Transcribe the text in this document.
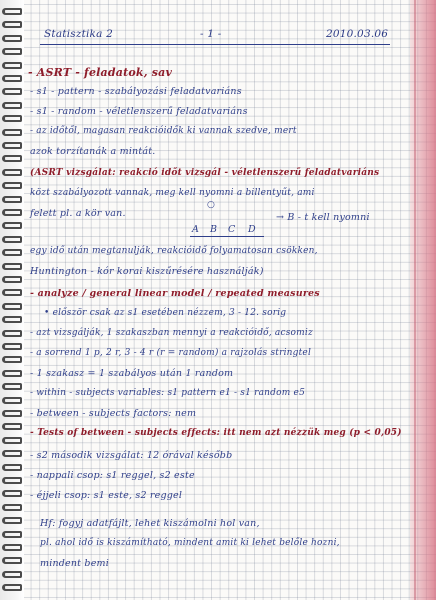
Statisztika 2	- 1 -	2010.03.06
- ASRT - feladatok, sav
- s1 - pattern - szabályozási feladatvariáns
- s1 - random - véletlenszerű feladatvariáns
- az időtől, magasan reakcióidők ki vannak szedve, mert
azok torzítanák a mintát.
(ASRT vizsgálat: reakció időt vizsgál - véletlenszerű feladatvariáns
közt szabályozott vannak, meg kell nyomni a billentyűt, ami
felett pl. a kör van.
○
A B C D
→ B - t kell nyomni
egy idő után megtanulják, reakcióidő folyamatosan csökken,
Huntington - kór korai kiszűrésére használják)
- analyze / general linear model / repeated measures
• először csak az s1 esetében nézzem, 3 - 12. sorig
- azt vizsgálják, 1 szakaszban mennyi a reakcióidő, acsomiz
- a sorrend 1 p, 2 r, 3 - 4 r (r = random) a rajzolás stringtel
- 1 szakasz = 1 szabályos után 1 random
- within - subjects variables: s1 pattern e1 - s1 random e5
- between - subjects factors: nem
- Tests of between - subjects effects: itt nem azt nézzük meg (p < 0,05)
- s2 második vizsgálat: 12 órával később
- nappali csop: s1 reggel, s2 este
- éjjeli csop: s1 este, s2 reggel
Hf: fogyj adatfájlt, lehet kiszámolni hol van,
pl. ahol idő is kiszámítható, mindent amit ki lehet belőle hozni,
mindent bemi
